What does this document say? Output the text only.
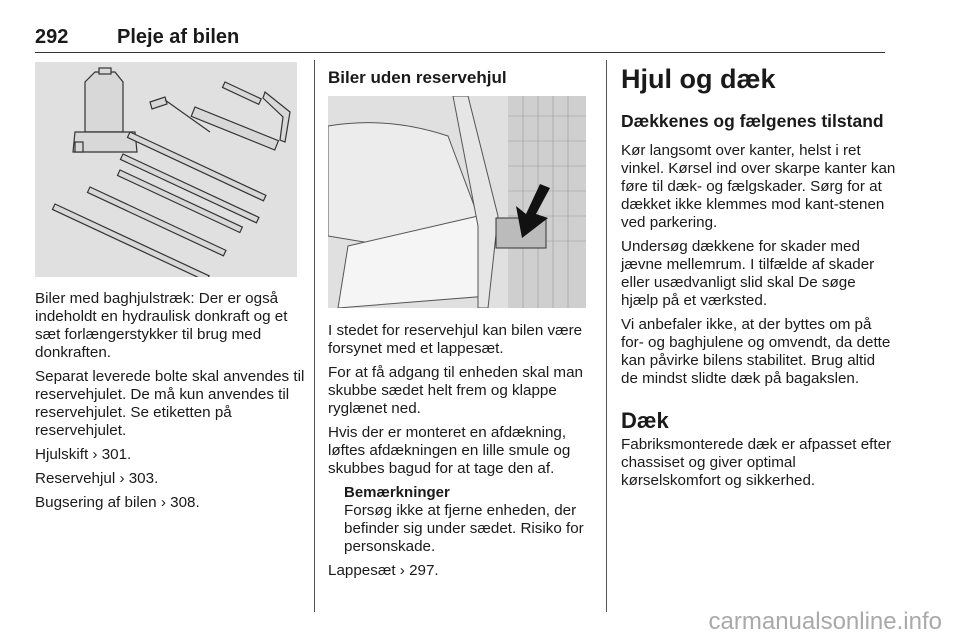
292 Pleje af bilen

Biler med baghjulstræk: Der er også indeholdt en hydraulisk donkraft og et sæt forlængerstykker til brug med donkraften.

Separat leverede bolte skal anvendes til reservehjulet. De må kun anvendes til reservehjulet. Se etiketten på reservehjulet.

Hjulskift › 301.

Reservehjul › 303.

Bugsering af bilen › 308.

Biler uden reservehjul

I stedet for reservehjul kan bilen være forsynet med et lappesæt.

For at få adgang til enheden skal man skubbe sædet helt frem og klappe ryglænet ned.

Hvis der er monteret en afdækning, løftes afdækningen en lille smule og skubbes bagud for at tage den af.

Bemærkninger

Forsøg ikke at fjerne enheden, der befinder sig under sædet. Risiko for personskade.

Lappesæt › 297.

Hjul og dæk
Dækkenes og fælgenes tilstand

Kør langsomt over kanter, helst i ret vinkel. Kørsel ind over skarpe kanter kan føre til dæk- og fælgskader. Sørg for at dækket ikke klemmes mod kant-stenen ved parkering.

Undersøg dækkene for skader med jævne mellemrum. I tilfælde af skader eller usædvanligt slid skal De søge hjælp på et værksted.

Vi anbefaler ikke, at der byttes om på for- og baghjulene og omvendt, da dette kan påvirke bilens stabilitet. Brug altid de mindst slidte dæk på bagakslen.

Dæk

Fabriksmonterede dæk er afpasset efter chassiset og giver optimal kørselskomfort og sikkerhed.

carmanualsonline.info
